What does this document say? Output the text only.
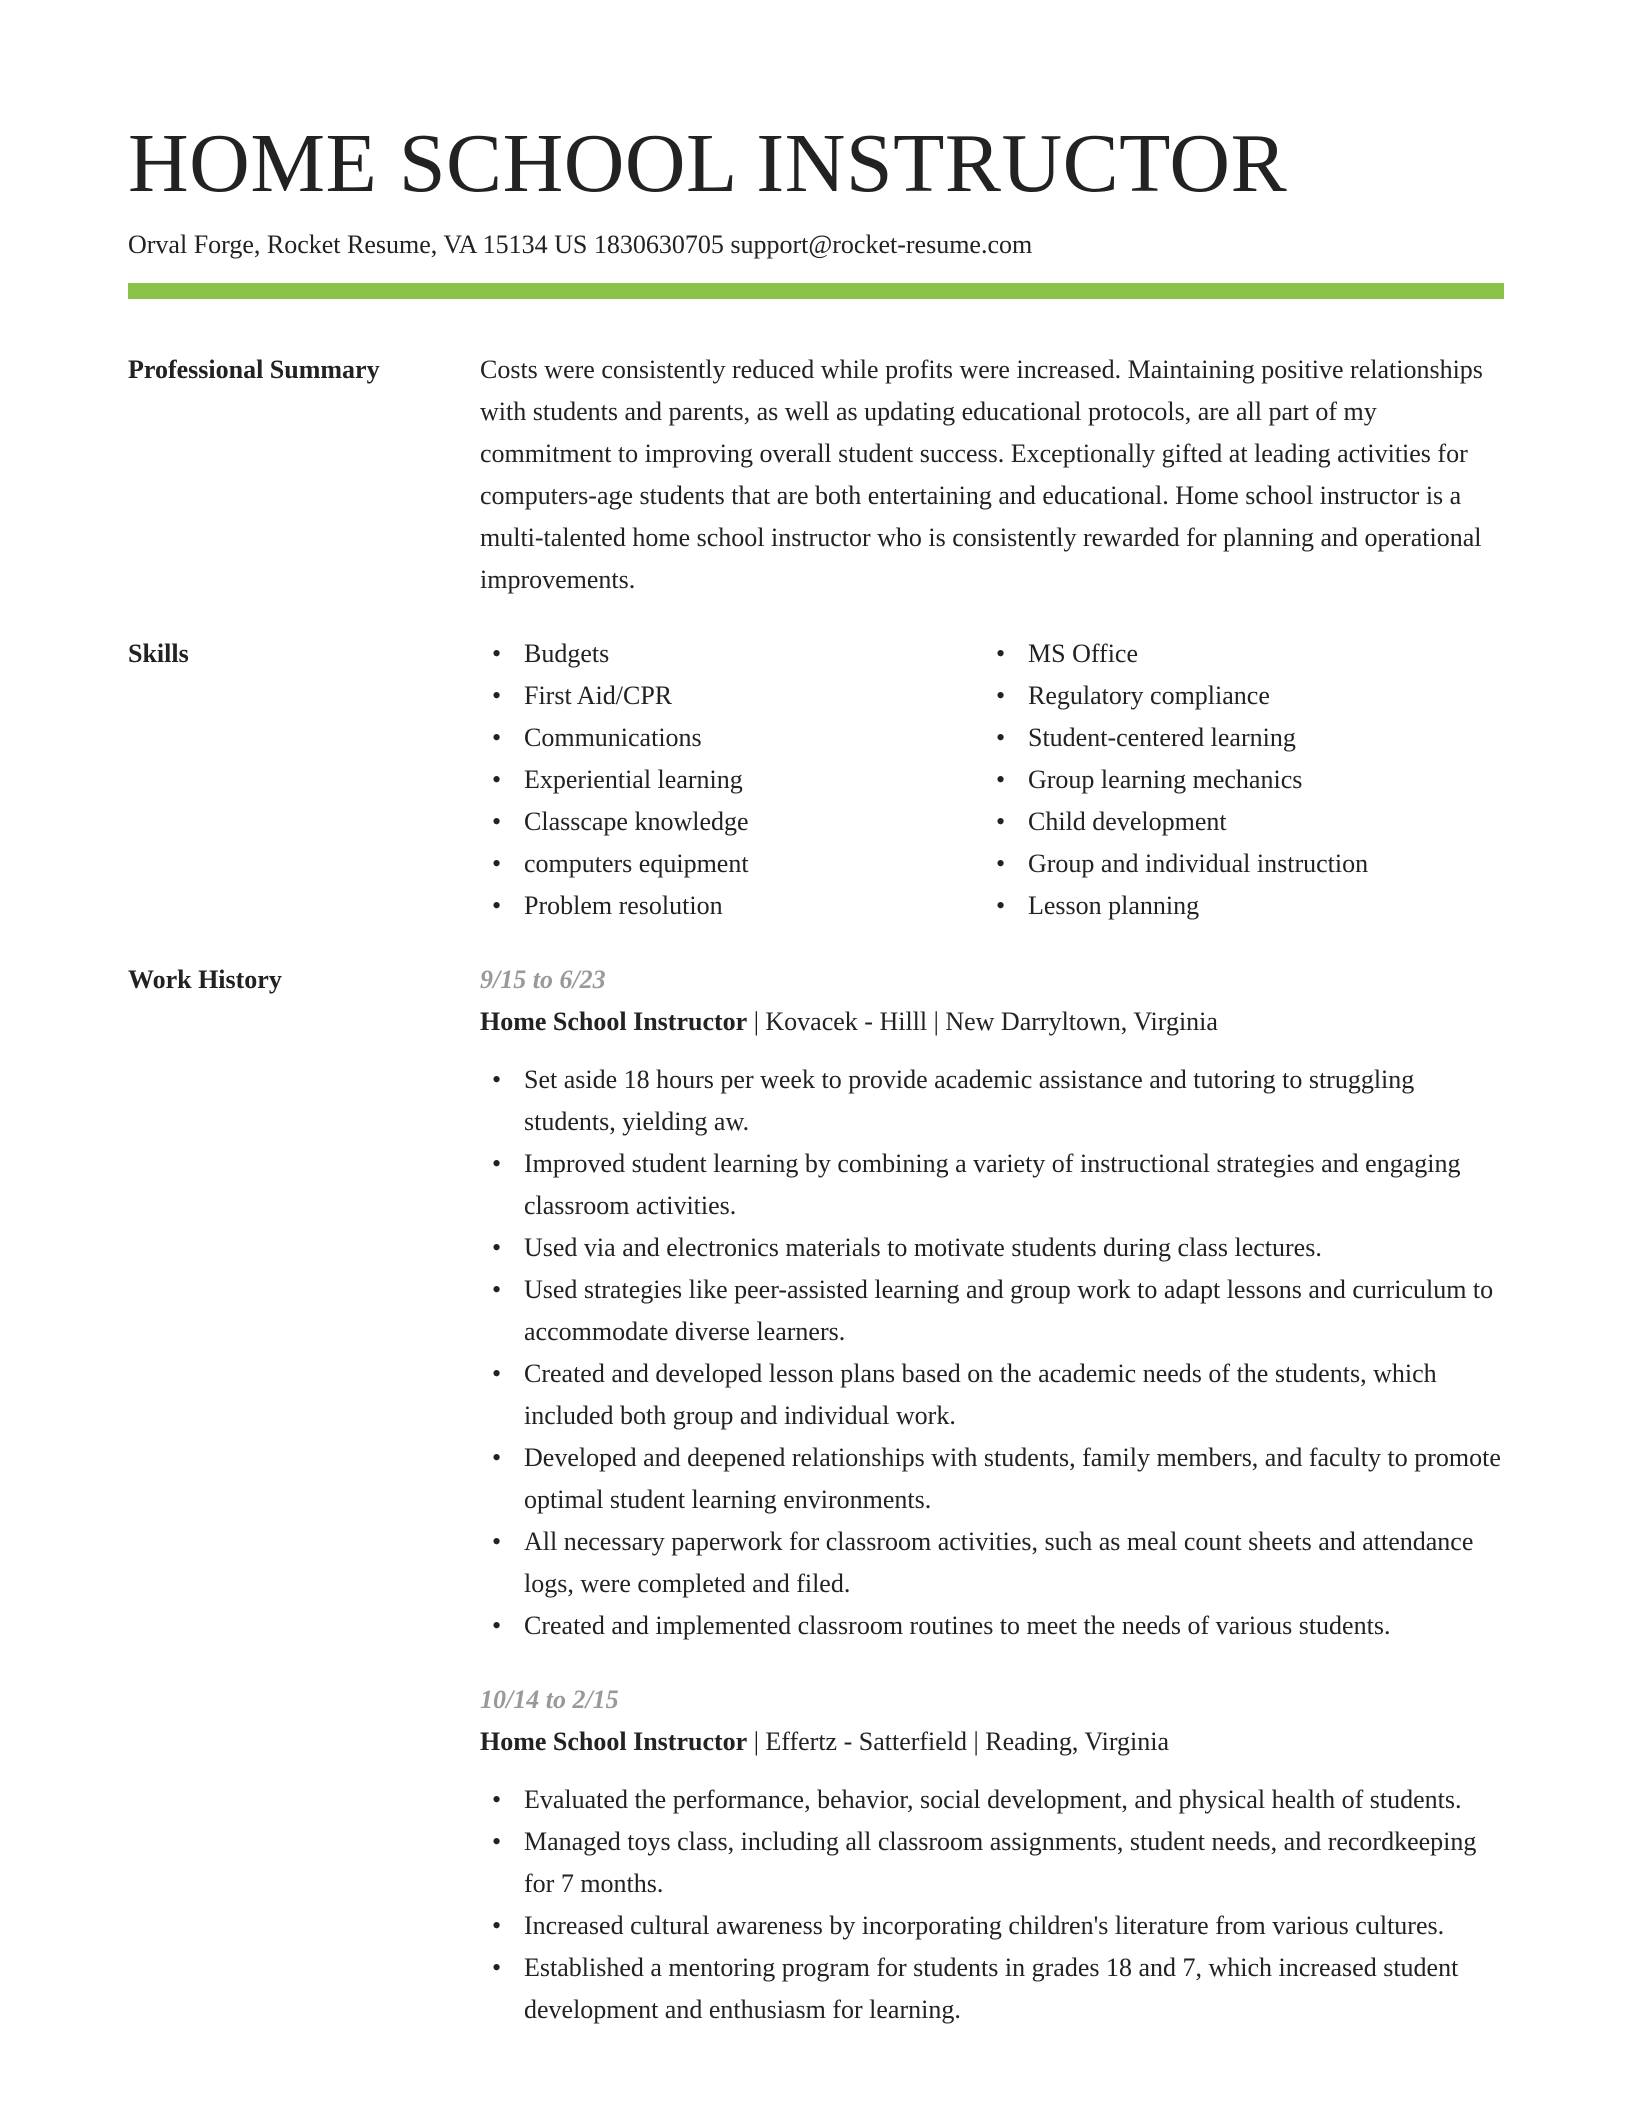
HOME SCHOOL INSTRUCTOR
Orval Forge, Rocket Resume, VA 15134 US 1830630705 support@rocket-resume.com
Professional Summary	Costs were consistently reduced while profits were increased. Maintaining positive relationships with students and parents, as well as updating educational protocols, are all part of my commitment to improving overall student success. Exceptionally gifted at leading activities for computers-age students that are both entertaining and educational. Home school instructor is a multi-talented home school instructor who is consistently rewarded for planning and operational improvements.
Skills
•	Budgets
• First Aid/CPR
• Communications
• Experiential learning
• Classcape knowledge
• computers equipment
• Problem resolution
• MS Office
• Regulatory compliance
• Student-centered learning
• Group learning mechanics
• Child development
• Group and individual instruction
• Lesson planning
Work History	9/15 to 6/23
Home School Instructor | Kovacek - Hilll | New Darryltown, Virginia
• Set aside 18 hours per week to provide academic assistance and tutoring to struggling students, yielding aw.
• Improved student learning by combining a variety of instructional strategies and engaging classroom activities.
• Used via and electronics materials to motivate students during class lectures.
• Used strategies like peer-assisted learning and group work to adapt lessons and curriculum to accommodate diverse learners.
• Created and developed lesson plans based on the academic needs of the students, which included both group and individual work.
• Developed and deepened relationships with students, family members, and faculty to promote optimal student learning environments.
• All necessary paperwork for classroom activities, such as meal count sheets and attendance logs, were completed and filed.
• Created and implemented classroom routines to meet the needs of various students.
10/14 to 2/15
Home School Instructor | Effertz - Satterfield | Reading, Virginia
• Evaluated the performance, behavior, social development, and physical health of students.
• Managed toys class, including all classroom assignments, student needs, and recordkeeping for 7 months.
• Increased cultural awareness by incorporating children's literature from various cultures.
• Established a mentoring program for students in grades 18 and 7, which increased student development and enthusiasm for learning.
